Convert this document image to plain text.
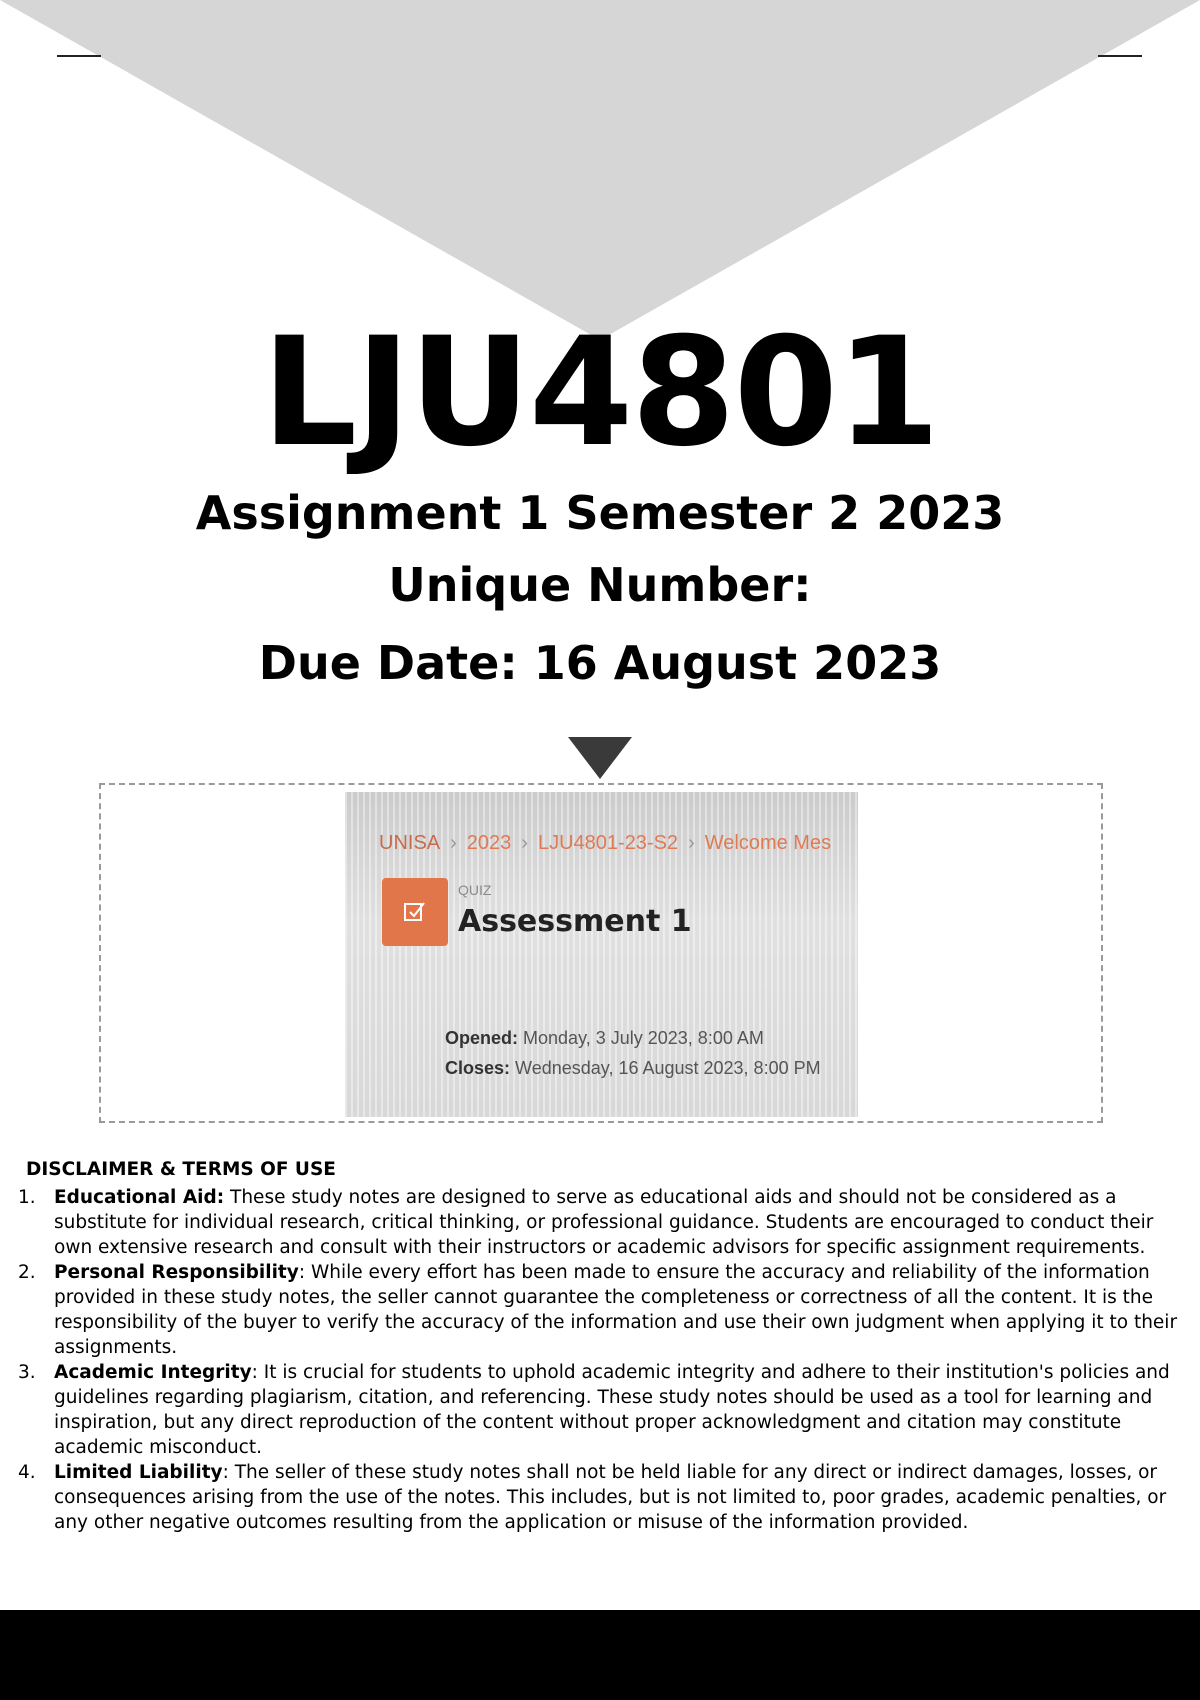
LJU4801
Assignment 1 Semester 2 2023
Unique Number:
Due Date: 16 August 2023
UNISA › 2023 › LJU4801-23-S2 › Welcome Mes
QUIZ
Assessment 1
Opened: Monday, 3 July 2023, 8:00 AM
Closes: Wednesday, 16 August 2023, 8:00 PM
DISCLAIMER & TERMS OF USE
1. Educational Aid: These study notes are designed to serve as educational aids and should not be considered as a substitute for individual research, critical thinking, or professional guidance. Students are encouraged to conduct their own extensive research and consult with their instructors or academic advisors for specific assignment requirements.
2. Personal Responsibility: While every effort has been made to ensure the accuracy and reliability of the information provided in these study notes, the seller cannot guarantee the completeness or correctness of all the content. It is the responsibility of the buyer to verify the accuracy of the information and use their own judgment when applying it to their assignments.
3. Academic Integrity: It is crucial for students to uphold academic integrity and adhere to their institution's policies and guidelines regarding plagiarism, citation, and referencing. These study notes should be used as a tool for learning and inspiration, but any direct reproduction of the content without proper acknowledgment and citation may constitute academic misconduct.
4. Limited Liability: The seller of these study notes shall not be held liable for any direct or indirect damages, losses, or consequences arising from the use of the notes. This includes, but is not limited to, poor grades, academic penalties, or any other negative outcomes resulting from the application or misuse of the information provided.
